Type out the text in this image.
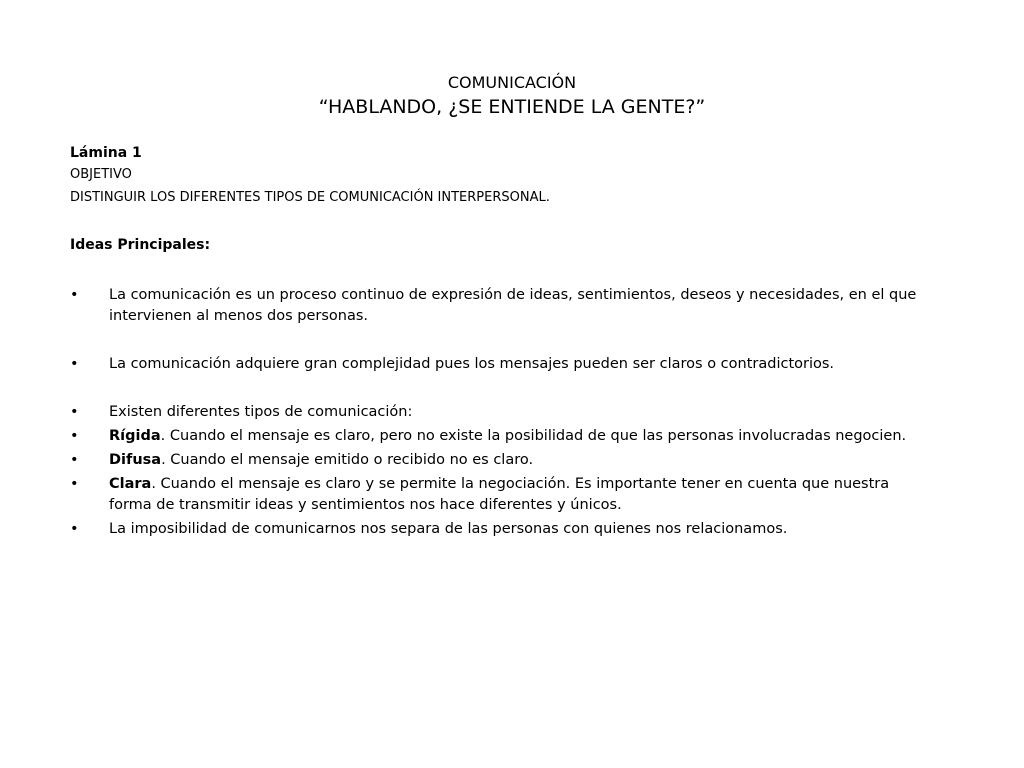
COMUNICACIÓN
“HABLANDO, ¿SE ENTIENDE LA GENTE?”
Lámina 1
OBJETIVO
DISTINGUIR LOS DIFERENTES TIPOS DE COMUNICACIÓN INTERPERSONAL.
Ideas Principales:
• La comunicación es un proceso continuo de expresión de ideas, sentimientos, deseos y necesidades, en el que intervienen al menos dos personas.
• La comunicación adquiere gran complejidad pues los mensajes pueden ser claros o contradictorios.
• Existen diferentes tipos de comunicación:
• Rígida. Cuando el mensaje es claro, pero no existe la posibilidad de que las personas involucradas negocien.
• Difusa. Cuando el mensaje emitido o recibido no es claro.
• Clara. Cuando el mensaje es claro y se permite la negociación. Es importante tener en cuenta que nuestra forma de transmitir ideas y sentimientos nos hace diferentes y únicos.
• La imposibilidad de comunicarnos nos separa de las personas con quienes nos relacionamos.
